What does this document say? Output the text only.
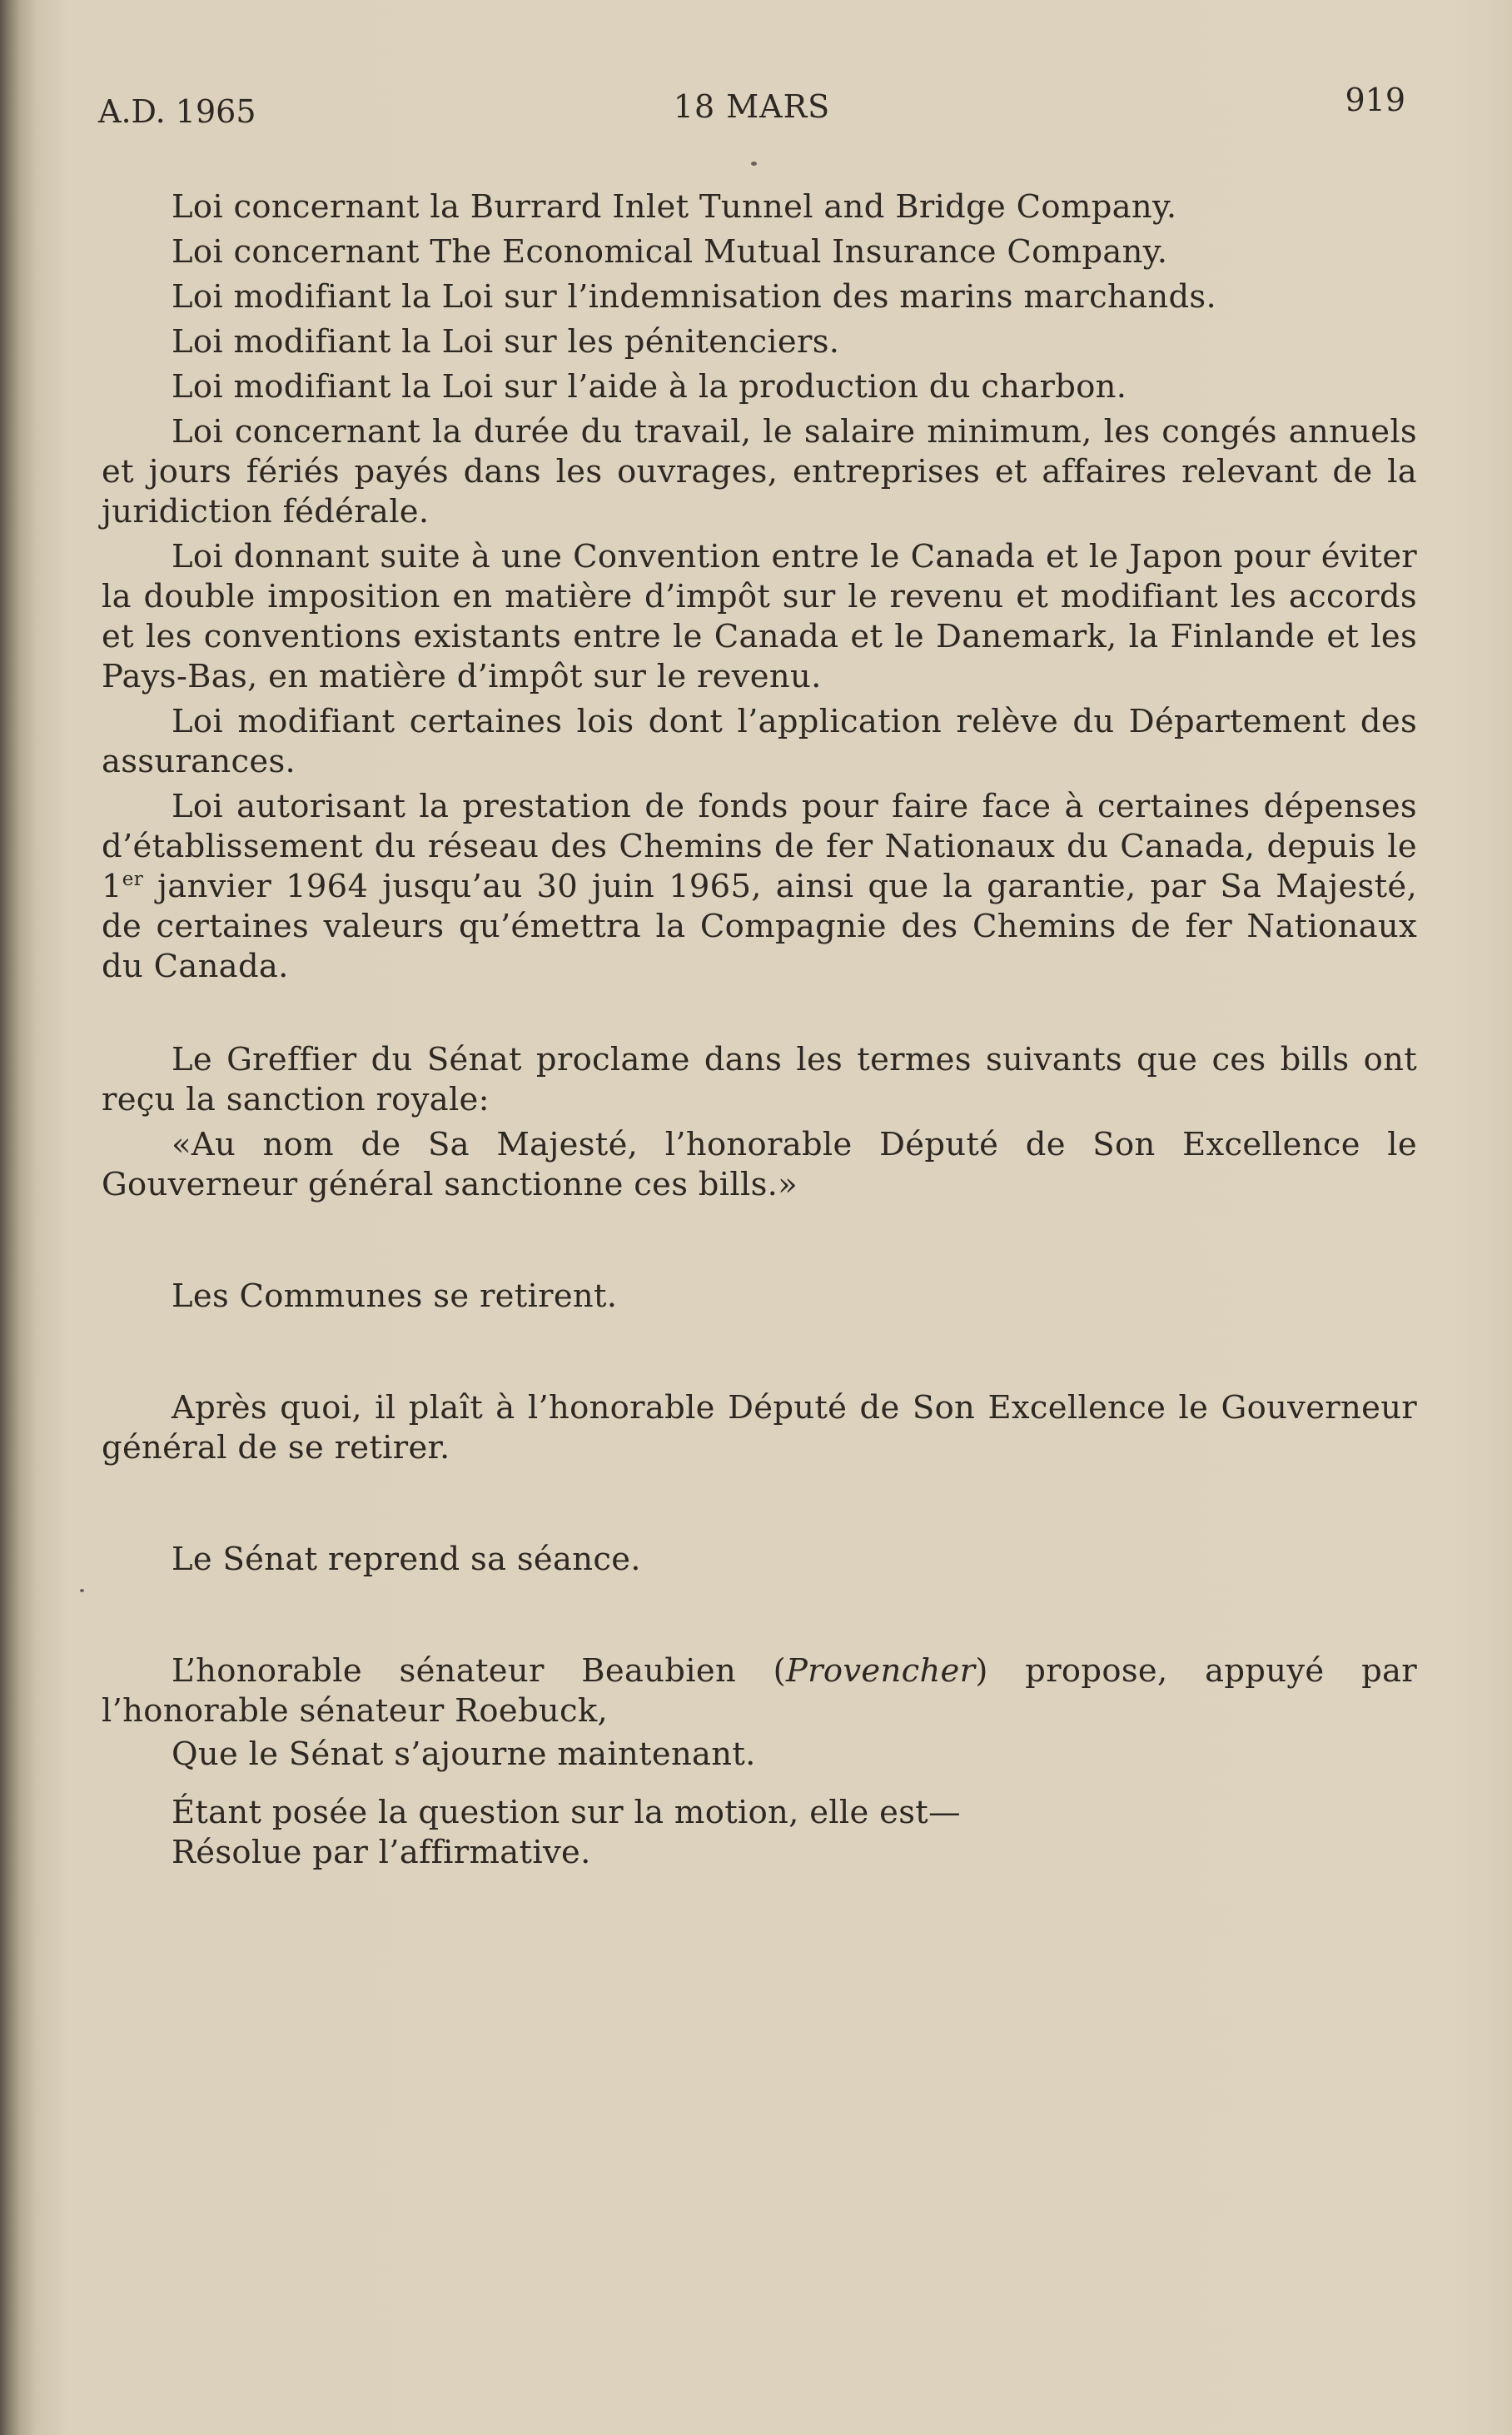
A.D. 1965	18 MARS	919

Loi concernant la Burrard Inlet Tunnel and Bridge Company.

Loi concernant The Economical Mutual Insurance Company.

Loi modifiant la Loi sur l’indemnisation des marins marchands.

Loi modifiant la Loi sur les pénitenciers.

Loi modifiant la Loi sur l’aide à la production du charbon.

Loi concernant la durée du travail, le salaire minimum, les congés annuels et jours fériés payés dans les ouvrages, entreprises et affaires relevant de la juridiction fédérale.

Loi donnant suite à une Convention entre le Canada et le Japon pour éviter la double imposition en matière d’impôt sur le revenu et modifiant les accords et les conventions existants entre le Canada et le Danemark, la Finlande et les Pays-Bas, en matière d’impôt sur le revenu.

Loi modifiant certaines lois dont l’application relève du Département des assurances.

Loi autorisant la prestation de fonds pour faire face à certaines dépenses d’établissement du réseau des Chemins de fer Nationaux du Canada, depuis le 1er janvier 1964 jusqu’au 30 juin 1965, ainsi que la garantie, par Sa Majesté, de certaines valeurs qu’émettra la Compagnie des Chemins de fer Nationaux du Canada.

Le Greffier du Sénat proclame dans les termes suivants que ces bills ont reçu la sanction royale:

«Au nom de Sa Majesté, l’honorable Député de Son Excellence le Gouverneur général sanctionne ces bills.»

Les Communes se retirent.

Après quoi, il plaît à l’honorable Député de Son Excellence le Gouverneur général de se retirer.

Le Sénat reprend sa séance.

L’honorable sénateur Beaubien (Provencher) propose, appuyé par l’honorable sénateur Roebuck,

Que le Sénat s’ajourne maintenant.

Étant posée la question sur la motion, elle est—

Résolue par l’affirmative.
